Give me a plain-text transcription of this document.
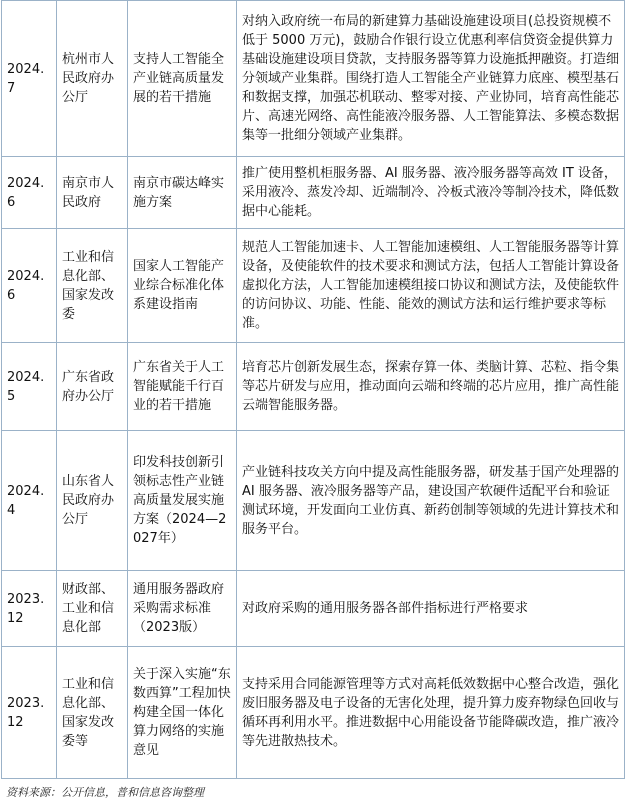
2024.7	杭州市人民政府办公厅	支持人工智能全产业链高质量发展的若干措施	对纳入政府统一布局的新建算力基础设施建设项目(总投资规模不低于 5000 万元)，鼓励合作银行设立优惠利率信贷资金提供算力基础设施建设项目贷款，支持服务器等算力设施抵押融资。打造细分领域产业集群。围绕打造人工智能全产业链算力底座、模型基石和数据支撑，加强芯机联动、整零对接、产业协同，培育高性能芯片、高速光网络、高性能液冷服务器、人工智能算法、多模态数据集等一批细分领域产业集群。
2024.6	南京市人民政府	南京市碳达峰实施方案	推广使用整机柜服务器、AI 服务器、液冷服务器等高效 IT 设备，采用液冷、蒸发冷却、近端制冷、冷板式液冷等制冷技术，降低数据中心能耗。
2024.6	工业和信息化部、国家发改委	国家人工智能产业综合标准化体系建设指南	规范人工智能加速卡、人工智能加速模组、人工智能服务器等计算设备，及使能软件的技术要求和测试方法，包括人工智能计算设备虚拟化方法，人工智能加速模组接口协议和测试方法，及使能软件的访问协议、功能、性能、能效的测试方法和运行维护要求等标准。
2024.5	广东省政府办公厅	广东省关于人工智能赋能千行百业的若干措施	培育芯片创新发展生态，探索存算一体、类脑计算、芯粒、指令集等芯片研发与应用，推动面向云端和终端的芯片应用，推广高性能云端智能服务器。
2024.4	山东省人民政府办公厅	印发科技创新引领标志性产业链高质量发展实施方案（2024—2027年）	产业链科技攻关方向中提及高性能服务器，研发基于国产处理器的 AI 服务器、液冷服务器等产品，建设国产软硬件适配平台和验证测试环境，开发面向工业仿真、新药创制等领域的先进计算技术和服务平台。
2023.12	财政部、工业和信息化部	通用服务器政府采购需求标准（2023版）	对政府采购的通用服务器各部件指标进行严格要求
2023.12	工业和信息化部、国家发改委等	关于深入实施“东数西算”工程加快构建全国一体化算力网络的实施意见	支持采用合同能源管理等方式对高耗低效数据中心整合改造，强化废旧服务器及电子设备的无害化处理，提升算力废弃物绿色回收与循环再利用水平。推进数据中心用能设备节能降碳改造，推广液冷等先进散热技术。
资料来源：公开信息，普和信息咨询整理
